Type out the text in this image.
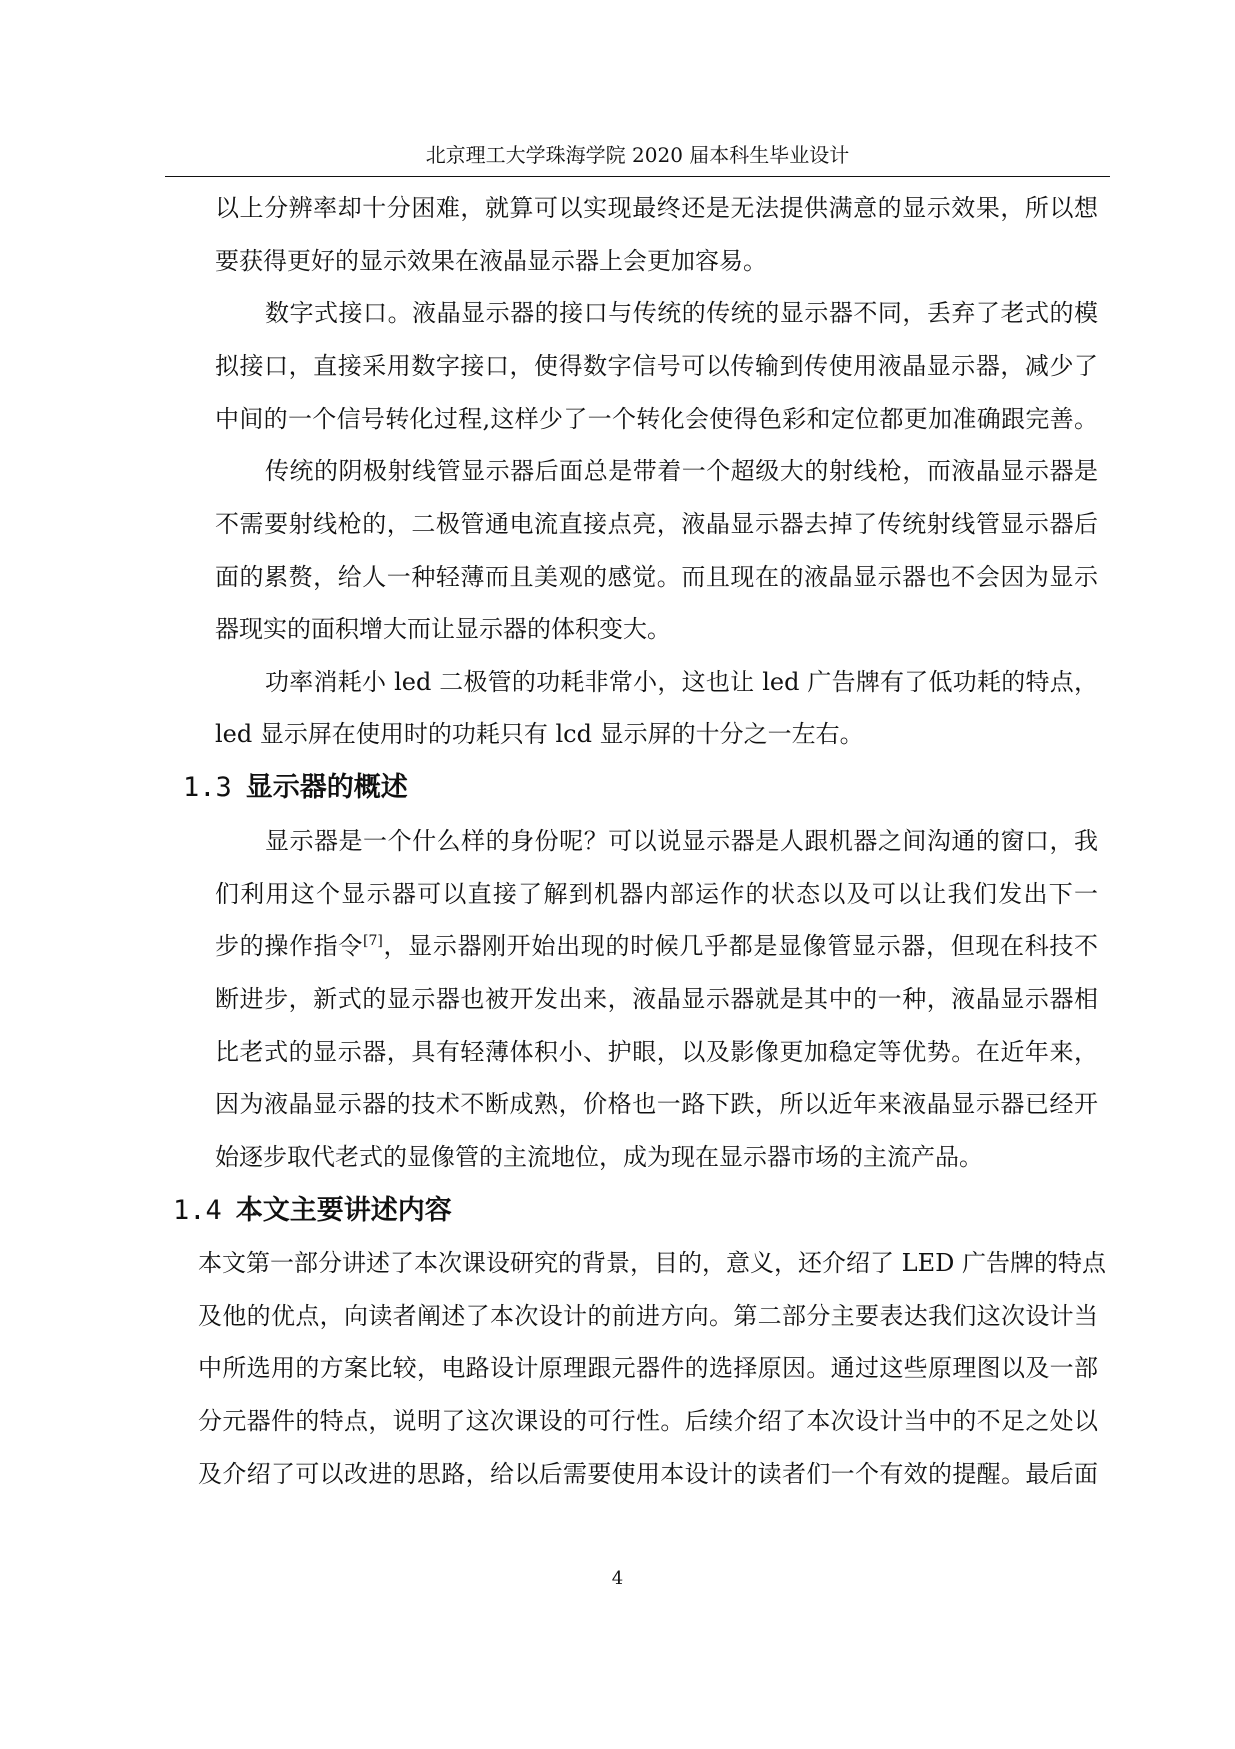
北京理工大学珠海学院 2020 届本科生毕业设计
以上分辨率却十分困难，就算可以实现最终还是无法提供满意的显示效果，所以想
要获得更好的显示效果在液晶显示器上会更加容易。
数字式接口。液晶显示器的接口与传统的传统的显示器不同，丢弃了老式的模
拟接口，直接采用数字接口，使得数字信号可以传输到传使用液晶显示器，减少了
中间的一个信号转化过程,这样少了一个转化会使得色彩和定位都更加准确跟完善。
传统的阴极射线管显示器后面总是带着一个超级大的射线枪，而液晶显示器是
不需要射线枪的，二极管通电流直接点亮，液晶显示器去掉了传统射线管显示器后
面的累赘，给人一种轻薄而且美观的感觉。而且现在的液晶显示器也不会因为显示
器现实的面积增大而让显示器的体积变大。
功率消耗小 led 二极管的功耗非常小，这也让 led 广告牌有了低功耗的特点，
led 显示屏在使用时的功耗只有 lcd 显示屏的十分之一左右。
1.3 显示器的概述
显示器是一个什么样的身份呢？可以说显示器是人跟机器之间沟通的窗口，我
们利用这个显示器可以直接了解到机器内部运作的状态以及可以让我们发出下一
步的操作指令[7]，显示器刚开始出现的时候几乎都是显像管显示器，但现在科技不
断进步，新式的显示器也被开发出来，液晶显示器就是其中的一种，液晶显示器相
比老式的显示器，具有轻薄体积小、护眼，以及影像更加稳定等优势。在近年来，
因为液晶显示器的技术不断成熟，价格也一路下跌，所以近年来液晶显示器已经开
始逐步取代老式的显像管的主流地位，成为现在显示器市场的主流产品。
1.4 本文主要讲述内容
本文第一部分讲述了本次课设研究的背景，目的，意义，还介绍了 LED 广告牌的特点
及他的优点，向读者阐述了本次设计的前进方向。第二部分主要表达我们这次设计当
中所选用的方案比较，电路设计原理跟元器件的选择原因。通过这些原理图以及一部
分元器件的特点，说明了这次课设的可行性。后续介绍了本次设计当中的不足之处以
及介绍了可以改进的思路，给以后需要使用本设计的读者们一个有效的提醒。最后面
4
